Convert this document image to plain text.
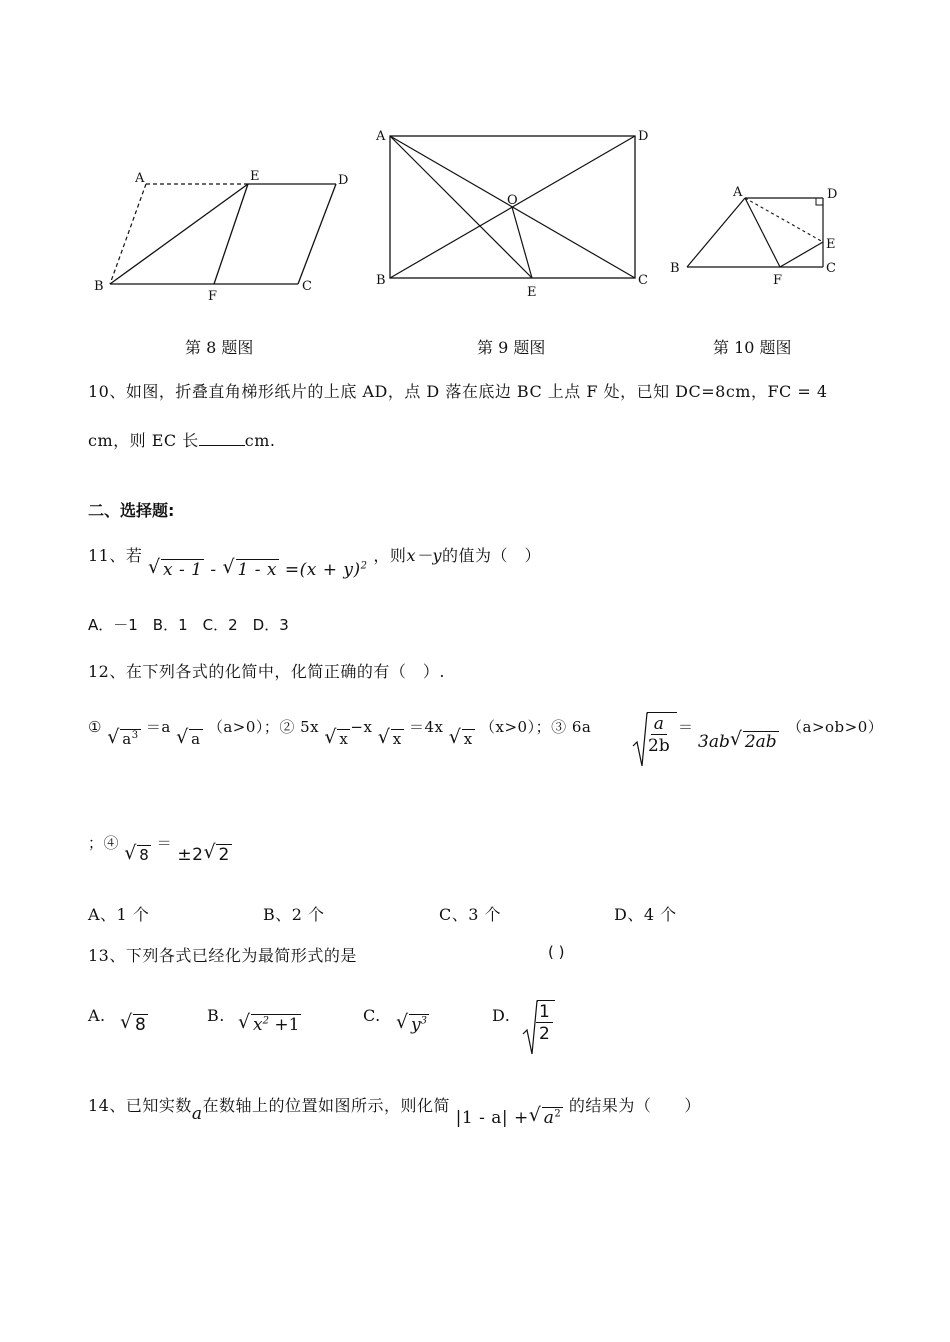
A	E	D
B
F
C
A	D
O
B
E
C
A	D
E
B
F
C
第 8 题图	第 9 题图	第 10 题图
10、如图，折叠直角梯形纸片的上底 AD，点 D 落在底边 BC 上点 F 处，已知 DC=8cm，FC = 4
cm，则 EC 长	cm.
二、选择题:
11、若 √ x - 1 - √ $1 - x =(x + y)^2$ ，则x－y的值为（　）
A．－1　B．1　C．2　D．3
12、在下列各式的化简中，化简正确的有（　）.
① √ $a^3 =a$ √ a （a>0）；② 5x √ x−x √ x ＝4x √ x （x>0）；③ 6a	$\frac{a}{2b}$ ＝
3ab √ 2ab
（a>ob>0）
；④ √ 8 ＝ ±2 √ 2
A、1 个	B、2 个	C、3 个	D、4 个
13、下列各式已经化为最简形式的是	( )
A.	√ 8	B.	√ $x^2 +1$	C.	√ $y^3$	D. $\frac{1}{2}$
14、已知实数a在数轴上的位置如图所示，则化简 |1 - a| + √ $a^2$ 的结果为（　　）
